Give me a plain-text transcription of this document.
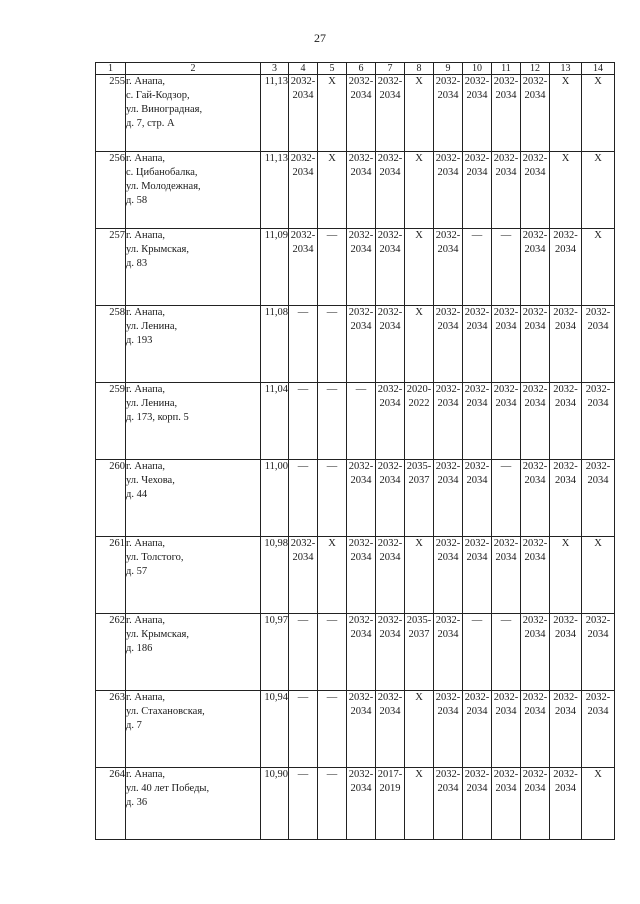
27
1	2	3	4	5	6	7	8	9	10	11	12	13	14
255	г. Анапа,
с. Гай-Кодзор,
ул. Виноградная,
д. 7, стр. А	11,13	2032-
2034	X	2032-
2034	2032-
2034	X	2032-
2034	2032-
2034	2032-
2034	2032-
2034	X	X
256	г. Анапа,
с. Цибанобалка,
ул. Молодежная,
д. 58	11,13	2032-
2034	X	2032-
2034	2032-
2034	X	2032-
2034	2032-
2034	2032-
2034	2032-
2034	X	X
257	г. Анапа,
ул. Крымская,
д. 83	11,09	2032-
2034	—	2032-
2034	2032-
2034	X	2032-
2034	—	—	2032-
2034	2032-
2034	X
258	г. Анапа,
ул. Ленина,
д. 193	11,08	—	—	2032-
2034	2032-
2034	X	2032-
2034	2032-
2034	2032-
2034	2032-
2034	2032-
2034	2032-
2034
259	г. Анапа,
ул. Ленина,
д. 173, корп. 5	11,04	—	—	—	2032-
2034	2020-
2022	2032-
2034	2032-
2034	2032-
2034	2032-
2034	2032-
2034	2032-
2034
260	г. Анапа,
ул. Чехова,
д. 44	11,00	—	—	2032-
2034	2032-
2034	2035-
2037	2032-
2034	2032-
2034	—	2032-
2034	2032-
2034	2032-
2034
261	г. Анапа,
ул. Толстого,
д. 57	10,98	2032-
2034	X	2032-
2034	2032-
2034	X	2032-
2034	2032-
2034	2032-
2034	2032-
2034	X	X
262	г. Анапа,
ул. Крымская,
д. 186	10,97	—	—	2032-
2034	2032-
2034	2035-
2037	2032-
2034	—	—	2032-
2034	2032-
2034	2032-
2034
263	г. Анапа,
ул. Стахановская,
д. 7	10,94	—	—	2032-
2034	2032-
2034	X	2032-
2034	2032-
2034	2032-
2034	2032-
2034	2032-
2034	2032-
2034
264	г. Анапа,
ул. 40 лет Победы,
д. 36	10,90	—	—	2032-
2034	2017-
2019	X	2032-
2034	2032-
2034	2032-
2034	2032-
2034	2032-
2034	X
